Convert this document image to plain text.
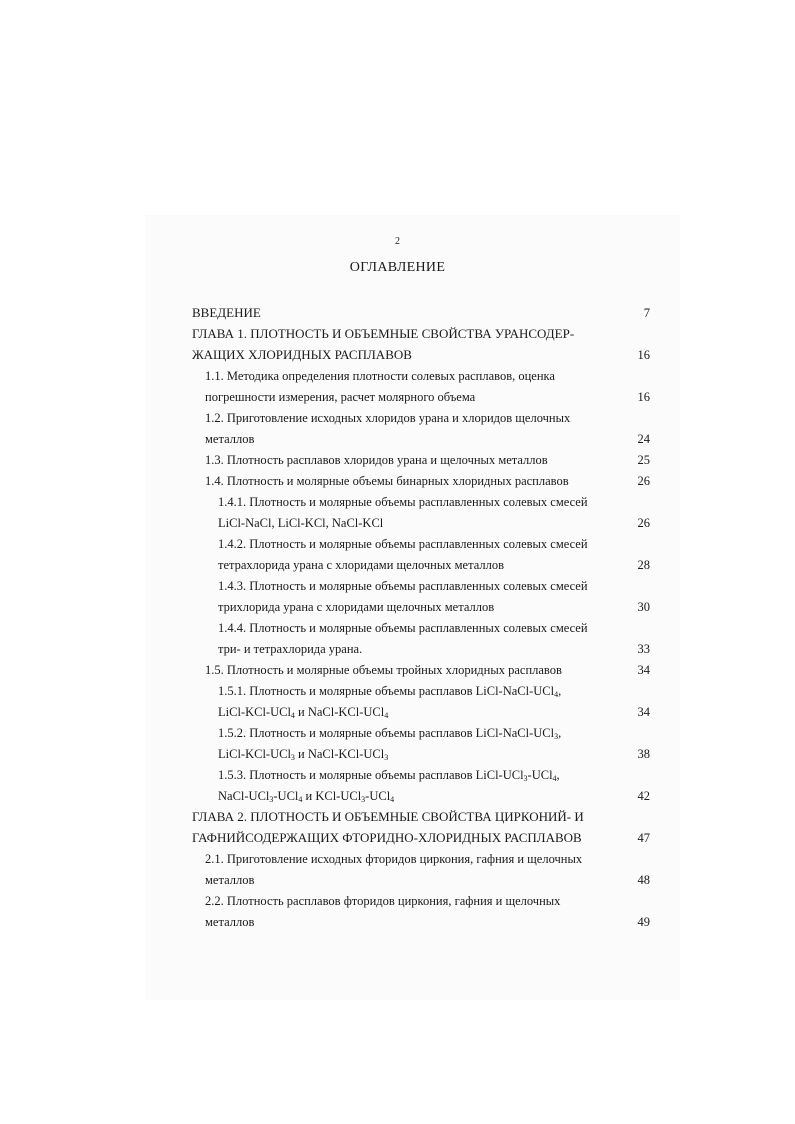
2
ОГЛАВЛЕНИЕ
ВВЕДЕНИЕ	7
ГЛАВА 1. ПЛОТНОСТЬ И ОБЪЕМНЫЕ СВОЙСТВА УРАНСОДЕР-
ЖАЩИХ ХЛОРИДНЫХ РАСПЛАВОВ	16
1.1. Методика определения плотности солевых расплавов, оценка
погрешности измерения, расчет молярного объема	16
1.2. Приготовление исходных хлоридов урана и хлоридов щелочных
металлов	24
1.3. Плотность расплавов хлоридов урана и щелочных металлов	25
1.4. Плотность и молярные объемы бинарных хлоридных расплавов	26
1.4.1. Плотность и молярные объемы расплавленных солевых смесей
LiCl-NaCl, LiCl-KCl, NaCl-KCl	26
1.4.2. Плотность и молярные объемы расплавленных солевых смесей
тетрахлорида урана с хлоридами щелочных металлов	28
1.4.3. Плотность и молярные объемы расплавленных солевых смесей
трихлорида урана с хлоридами щелочных металлов	30
1.4.4. Плотность и молярные объемы расплавленных солевых смесей
три- и тетрахлорида урана.	33
1.5. Плотность и молярные объемы тройных хлоридных расплавов	34
1.5.1. Плотность и молярные объемы расплавов LiCl-NaCl-UCl$_4$,
LiCl-KCl-UCl$_4$ и NaCl-KCl-UCl$_4$	34
1.5.2. Плотность и молярные объемы расплавов LiCl-NaCl-UCl$_3$,
LiCl-KCl-UCl$_3$ и NaCl-KCl-UCl$_3$	38
1.5.3. Плотность и молярные объемы расплавов LiCl-UCl$_3$-UCl$_4$,
NaCl-UCl$_3$-UCl$_4$ и KCl-UCl$_3$-UCl$_4$	42
ГЛАВА 2. ПЛОТНОСТЬ И ОБЪЕМНЫЕ СВОЙСТВА ЦИРКОНИЙ- И
ГАФНИЙСОДЕРЖАЩИХ ФТОРИДНО-ХЛОРИДНЫХ РАСПЛАВОВ	47
2.1. Приготовление исходных фторидов циркония, гафния и щелочных
металлов	48
2.2. Плотность расплавов фторидов циркония, гафния и щелочных
металлов	49
